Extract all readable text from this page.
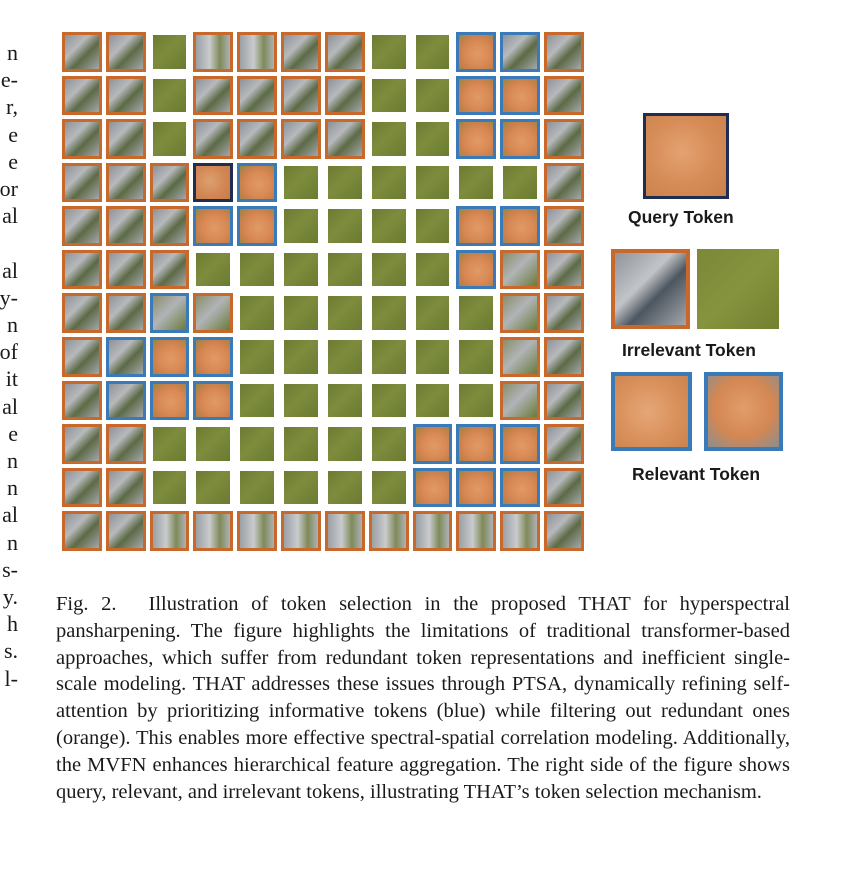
n
e-
r,
e
e
or
al
al
y-
n
of
it
al
e
n
n
al
n
s-
y.
h
s.
l-
Query Token
Irrelevant Token
Relevant Token
Fig. 2. Illustration of token selection in the proposed THAT for hyperspectral pansharpening. The figure highlights the limitations of traditional transformer-based approaches, which suffer from redundant token representations and inefficient single-scale modeling. THAT addresses these issues through PTSA, dynamically refining self-attention by prioritizing informative tokens (blue) while filtering out redundant ones (orange). This enables more effective spectral-spatial correlation modeling. Additionally, the MVFN enhances hierarchical feature aggregation. The right side of the figure shows query, relevant, and irrelevant tokens, illustrating THAT’s token selection mechanism.
